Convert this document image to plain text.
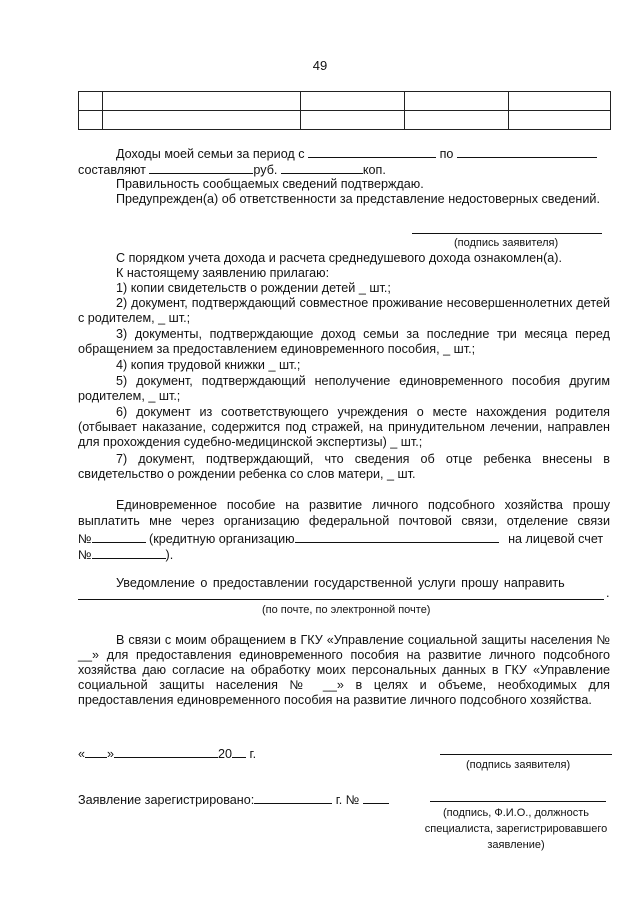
49

Доходы моей семьи за период с	по
составляют	руб.	коп.
Правильность сообщаемых сведений подтверждаю.
Предупрежден(а) об ответственности за представление недостоверных сведений.
(подпись заявителя)
С порядком учета дохода и расчета среднедушевого дохода ознакомлен(а).
К настоящему заявлению прилагаю:
1) копии свидетельств о рождении детей _ шт.;
2) документ, подтверждающий совместное проживание несовершеннолетних детей с родителем, _ шт.;
3) документы, подтверждающие доход семьи за последние три месяца перед обращением за предоставлением единовременного пособия, _ шт.;
4) копия трудовой книжки _ шт.;
5) документ, подтверждающий неполучение единовременного пособия другим родителем, _ шт.;
6) документ из соответствующего учреждения о месте нахождения родителя (отбывает наказание, содержится под стражей, на принудительном лечении, направлен для прохождения судебно-медицинской экспертизы) _ шт.;
7) документ, подтверждающий, что сведения об отце ребенка внесены в свидетельство о рождении ребенка со слов матери, _ шт.
Единовременное пособие на развитие личного подсобного хозяйства прошу
выплатить мне через организацию федеральной почтовой связи, отделение связи
№	(кредитную организацию	на лицевой счет
№	).
Уведомление о предоставлении государственной услуги прошу направить
.
(по почте, по электронной почте)
В связи с моим обращением в ГКУ «Управление социальной защиты населения № __» для предоставления единовременного пособия на развитие личного подсобного хозяйства даю согласие на обработку моих персональных данных в ГКУ «Управление социальной защиты населения № __» в целях и объеме, необходимых для предоставления единовременного пособия на развитие личного подсобного хозяйства.
« »	20 г.
(подпись заявителя)
Заявление зарегистрировано:	г. №
(подпись, Ф.И.О., должность специалиста, зарегистрировавшего заявление)
